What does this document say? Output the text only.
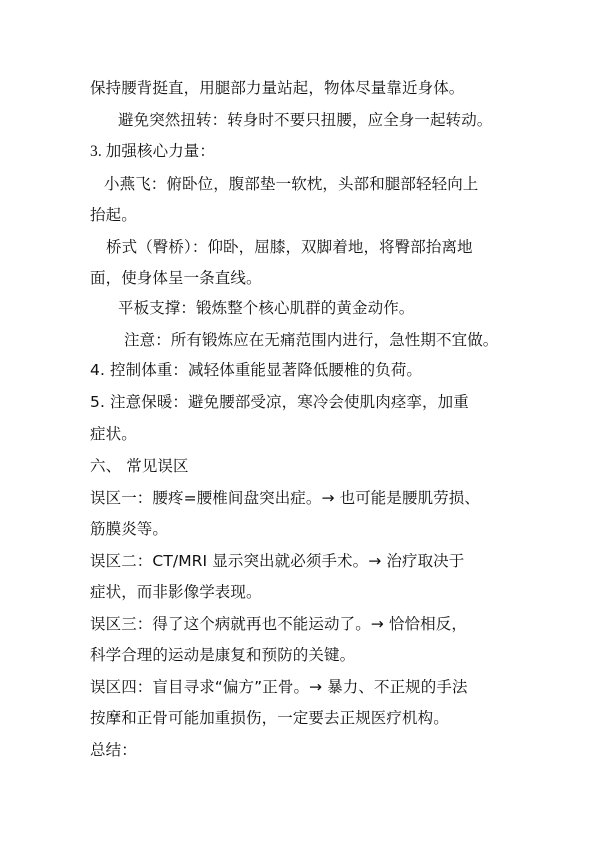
保持腰背挺直，用腿部力量站起，物体尽量靠近身体。
避免突然扭转：转身时不要只扭腰，应全身一起转动。
3. 加强核心力量：
小燕飞：俯卧位，腹部垫一软枕，头部和腿部轻轻向上
抬起。
桥式（臀桥）：仰卧，屈膝，双脚着地，将臀部抬离地
面，使身体呈一条直线。
平板支撑：锻炼整个核心肌群的黄金动作。
注意：所有锻炼应在无痛范围内进行，急性期不宜做。
4. 控制体重：减轻体重能显著降低腰椎的负荷。
5. 注意保暖：避免腰部受凉，寒冷会使肌肉痉挛，加重
症状。
六、 常见误区
误区一：腰疼=腰椎间盘突出症。→ 也可能是腰肌劳损、
筋膜炎等。
误区二：CT/MRI 显示突出就必须手术。→ 治疗取决于
症状，而非影像学表现。
误区三：得了这个病就再也不能运动了。→ 恰恰相反，
科学合理的运动是康复和预防的关键。
误区四：盲目寻求“偏方”正骨。→ 暴力、不正规的手法
按摩和正骨可能加重损伤，一定要去正规医疗机构。
总结：
